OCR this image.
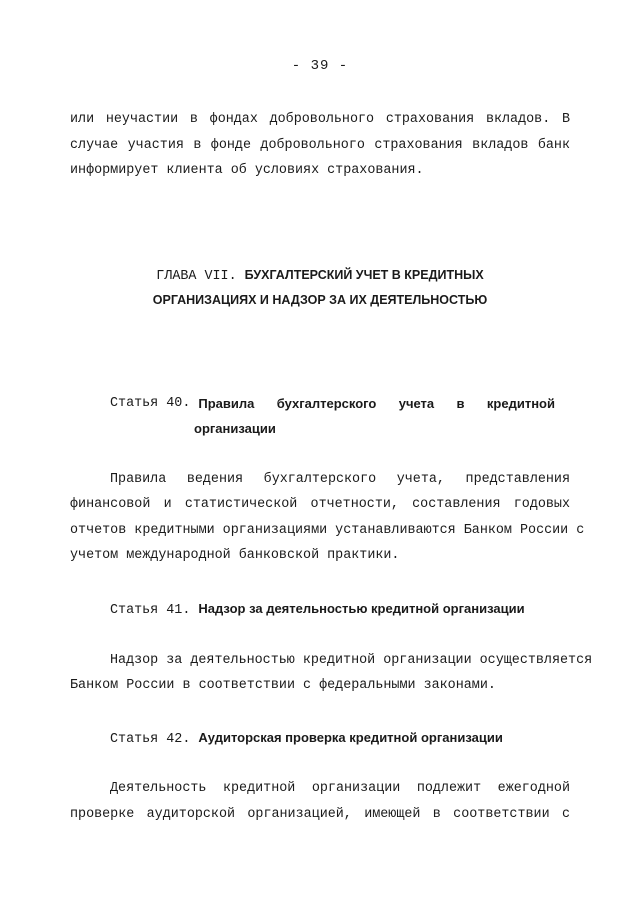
- 39 -
или неучастии в фондах добровольного страхования вкладов. В
случае участия в фонде добровольного страхования вкладов банк
информирует клиента об условиях страхования.
ГЛАВА VII. БУХГАЛТЕРСКИЙ УЧЕТ В КРЕДИТНЫХ
ОРГАНИЗАЦИЯХ И НАДЗОР ЗА ИХ ДЕЯТЕЛЬНОСТЬЮ
Статья 40. Правила бухгалтерского учета в кредитной
организации
Правила ведения бухгалтерского учета, представления
финансовой и статистической отчетности, составления годовых
отчетов кредитными организациями устанавливаются Банком России с
учетом международной банковской практики.
Статья 41. Надзор за деятельностью кредитной организации
Надзор за деятельностью кредитной организации осуществляется
Банком России в соответствии с федеральными законами.
Статья 42. Аудиторская проверка кредитной организации
Деятельность кредитной организации подлежит ежегодной
проверке аудиторской организацией, имеющей в соответствии с
